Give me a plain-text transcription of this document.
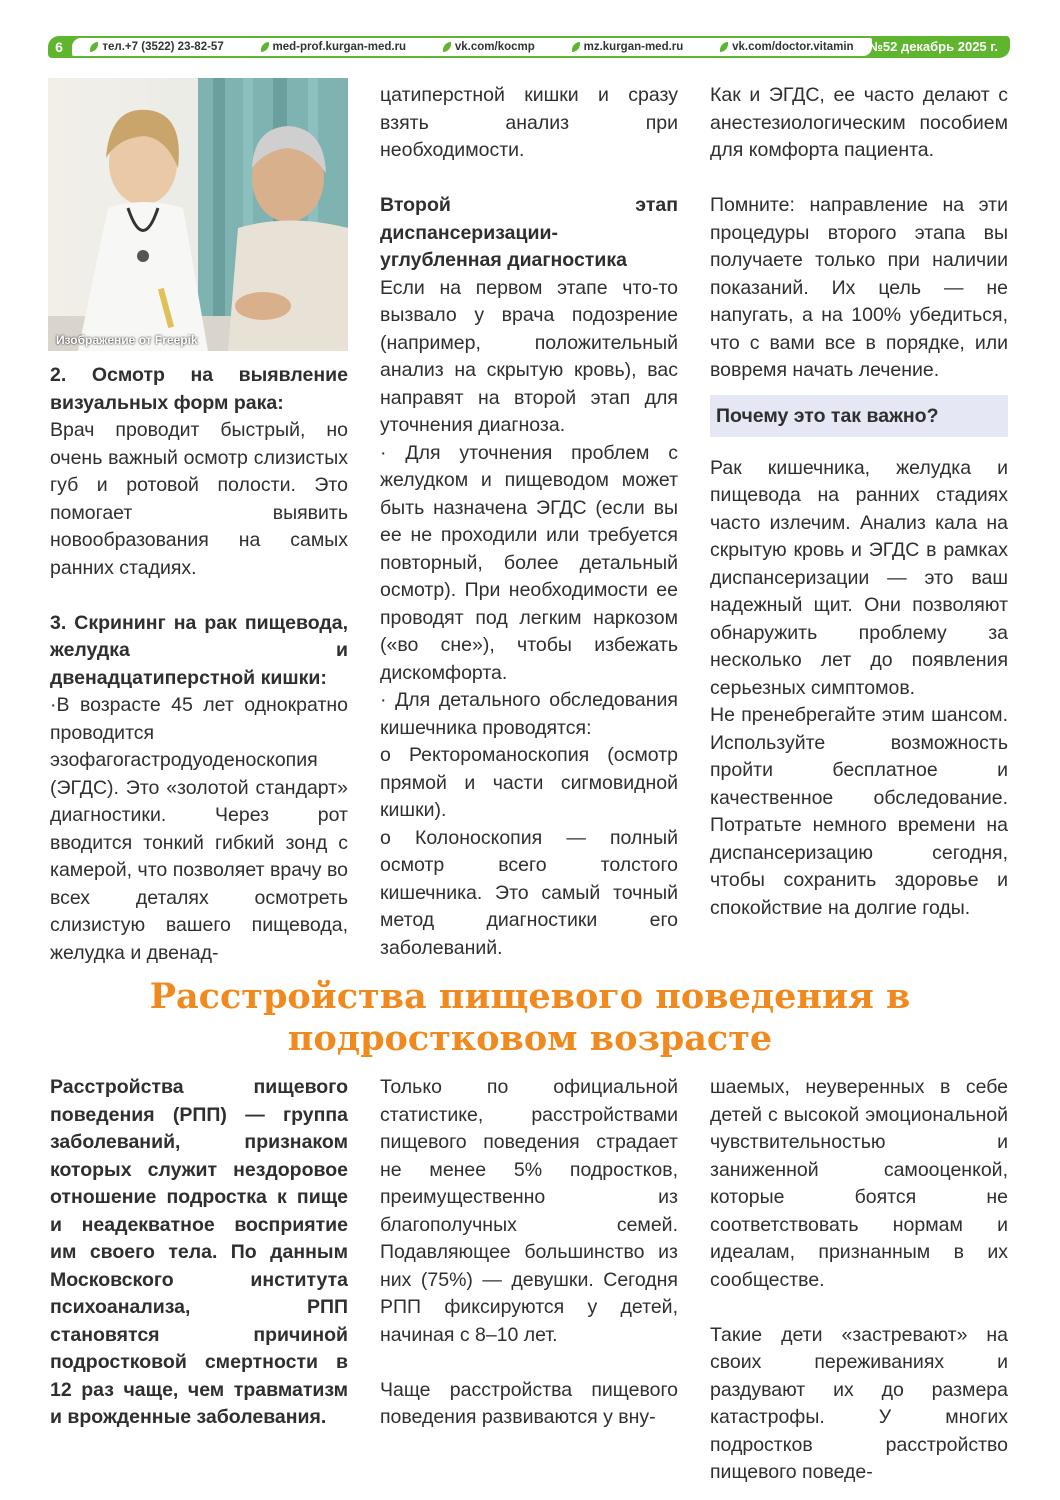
6	тел.+7 (3522) 23-82-57	med-prof.kurgan-med.ru	vk.com/kocmp	mz.kurgan-med.ru	vk.com/doctor.vitamin №52 декабрь 2025 г.
Изображение от Freepik

2. Осмотр на выявление визуальных форм рака:

Врач проводит быстрый, но очень важный осмотр слизистых губ и ротовой полости. Это помогает выявить новообразования на самых ранних стадиях.

3. Скрининг на рак пищевода, желудка и двенадцатиперстной кишки:

·В возрасте 45 лет однократно проводится эзофагогастродуоденоскопия (ЭГДС). Это «золотой стандарт» диагностики. Через рот вводится тонкий гибкий зонд с камерой, что позволяет врачу во всех деталях осмотреть слизистую вашего пищевода, желудка и двенад-

цатиперстной кишки и сразу взять анализ при необходимости.

Второй этап диспансеризации- углубленная диагностика

Если на первом этапе что-то вызвало у врача подозрение (например, положительный анализ на скрытую кровь), вас направят на второй этап для уточнения диагноза.

· Для уточнения проблем с желудком и пищеводом может быть назначена ЭГДС (если вы ее не проходили или требуется повторный, более детальный осмотр). При необходимости ее проводят под легким наркозом («во сне»), чтобы избежать дискомфорта.

· Для детального обследования кишечника проводятся:

о Ректороманоскопия (осмотр прямой и части сигмовидной кишки).

о Колоноскопия — полный осмотр всего толстого кишечника. Это самый точный метод диагностики его заболеваний.

Как и ЭГДС, ее часто делают с анестезиологическим пособием для комфорта пациента.

Помните: направление на эти процедуры второго этапа вы получаете только при наличии показаний. Их цель — не напугать, а на 100% убедиться, что с вами все в порядке, или вовремя начать лечение.

Почему это так важно?

Рак кишечника, желудка и пищевода на ранних стадиях часто излечим. Анализ кала на скрытую кровь и ЭГДС в рамках диспансеризации — это ваш надежный щит. Они позволяют обнаружить проблему за несколько лет до появления серьезных симптомов.

Не пренебрегайте этим шансом. Используйте возможность пройти бесплатное и качественное обследование. Потратьте немного времени на диспансеризацию сегодня, чтобы сохранить здоровье и спокойствие на долгие годы.

Расстройства пищевого поведения в
подростковом возрасте

Расстройства пищевого поведения (РПП) — группа заболеваний, признаком которых служит нездоровое отношение подростка к пище и неадекватное восприятие им своего тела. По данным Московского института психоанализа, РПП становятся причиной подростковой смертности в 12 раз чаще, чем травматизм и врожденные заболевания.

Только по официальной статистике, расстройствами пищевого поведения страдает не менее 5% подростков, преимущественно из благополучных семей. Подавляющее большинство из них (75%) — девушки. Сегодня РПП фиксируются у детей, начиная с 8–10 лет.

Чаще расстройства пищевого поведения развиваются у вну-

шаемых, неуверенных в себе детей с высокой эмоциональной чувствительностью и заниженной самооценкой, которые боятся не соответствовать нормам и идеалам, признанным в их сообществе.

Такие дети «застревают» на своих переживаниях и раздувают их до размера катастрофы. У многих подростков расстройство пищевого поведе-
